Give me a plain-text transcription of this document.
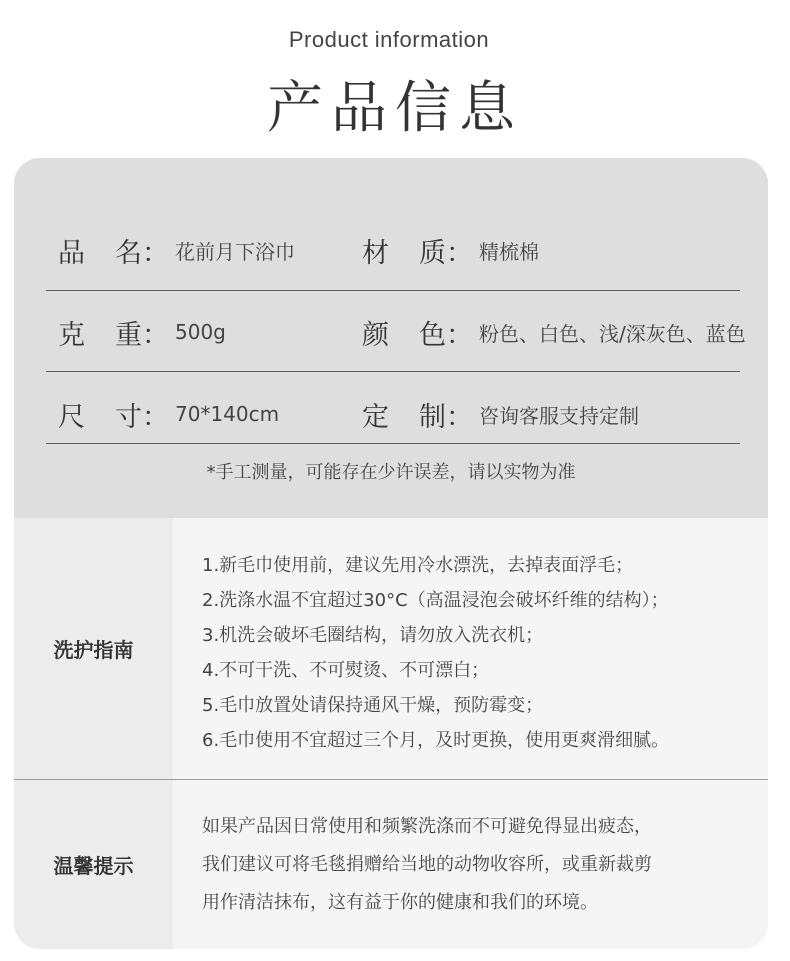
Product information
产品信息
品 名： 花前月下浴巾 材 质： 精梳棉
克 重： 500g	颜 色： 粉色、白色、浅/深灰色、蓝色
尺 寸： 70*140cm	定 制： 咨询客服支持定制
*手工测量，可能存在少许误差，请以实物为准
洗护指南
1.新毛巾使用前，建议先用冷水漂洗，去掉表面浮毛；
2.洗涤水温不宜超过30°C（高温浸泡会破坏纤维的结构）；
3.机洗会破坏毛圈结构，请勿放入洗衣机；
4.不可干洗、不可熨烫、不可漂白；
5.毛巾放置处请保持通风干燥，预防霉变；
6.毛巾使用不宜超过三个月，及时更换，使用更爽滑细腻。
温馨提示
如果产品因日常使用和频繁洗涤而不可避免得显出疲态，
我们建议可将毛毯捐赠给当地的动物收容所，或重新裁剪
用作清洁抹布，这有益于你的健康和我们的环境。
